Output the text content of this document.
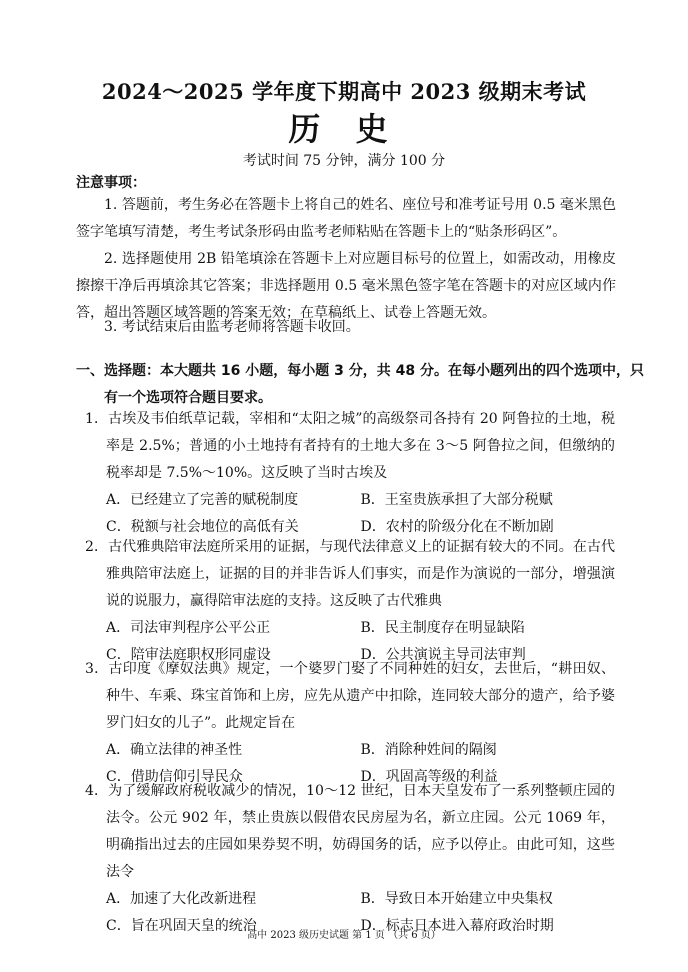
2024～2025 学年度下期高中 2023 级期末考试
历 史
考试时间 75 分钟，满分 100 分
注意事项：
1. 答题前，考生务必在答题卡上将自己的姓名、座位号和准考证号用 0.5 毫米黑色签字笔填写清楚，考生考试条形码由监考老师粘贴在答题卡上的“贴条形码区”。
2. 选择题使用 2B 铅笔填涂在答题卡上对应题目标号的位置上，如需改动，用橡皮擦擦干净后再填涂其它答案；非选择题用 0.5 毫米黑色签字笔在答题卡的对应区域内作答，超出答题区域答题的答案无效；在草稿纸上、试卷上答题无效。
3. 考试结束后由监考老师将答题卡收回。
一、选择题：本大题共 16 小题，每小题 3 分，共 48 分。在每小题列出的四个选项中，只有一个选项符合题目要求。
1．古埃及韦伯纸草记载，宰相和“太阳之城”的高级祭司各持有 20 阿鲁拉的土地，税率是 2.5%；普通的小土地持有者持有的土地大多在 3～5 阿鲁拉之间，但缴纳的税率却是 7.5%～10%。这反映了当时古埃及
A．已经建立了完善的赋税制度	B．王室贵族承担了大部分税赋
C．税额与社会地位的高低有关	D．农村的阶级分化在不断加剧
2．古代雅典陪审法庭所采用的证据，与现代法律意义上的证据有较大的不同。在古代雅典陪审法庭上，证据的目的并非告诉人们事实，而是作为演说的一部分，增强演说的说服力，赢得陪审法庭的支持。这反映了古代雅典
A．司法审判程序公平公正	B．民主制度存在明显缺陷
C．陪审法庭职权形同虚设	D．公共演说主导司法审判
3．古印度《摩奴法典》规定，一个婆罗门娶了不同种姓的妇女，去世后，“耕田奴、种牛、车乘、珠宝首饰和上房，应先从遗产中扣除，连同较大部分的遗产，给予婆罗门妇女的儿子”。此规定旨在
A．确立法律的神圣性	B．消除种姓间的隔阂
C．借助信仰引导民众	D．巩固高等级的利益
4．为了缓解政府税收减少的情况，10～12 世纪，日本天皇发布了一系列整顿庄园的法令。公元 902 年，禁止贵族以假借农民房屋为名，新立庄园。公元 1069 年，明确指出过去的庄园如果券契不明，妨碍国务的话，应予以停止。由此可知，这些法令
A．加速了大化改新进程	B．导致日本开始建立中央集权
C．旨在巩固天皇的统治	D．标志日本进入幕府政治时期
高中 2023 级历史试题 第 1 页 （共 6 页）
